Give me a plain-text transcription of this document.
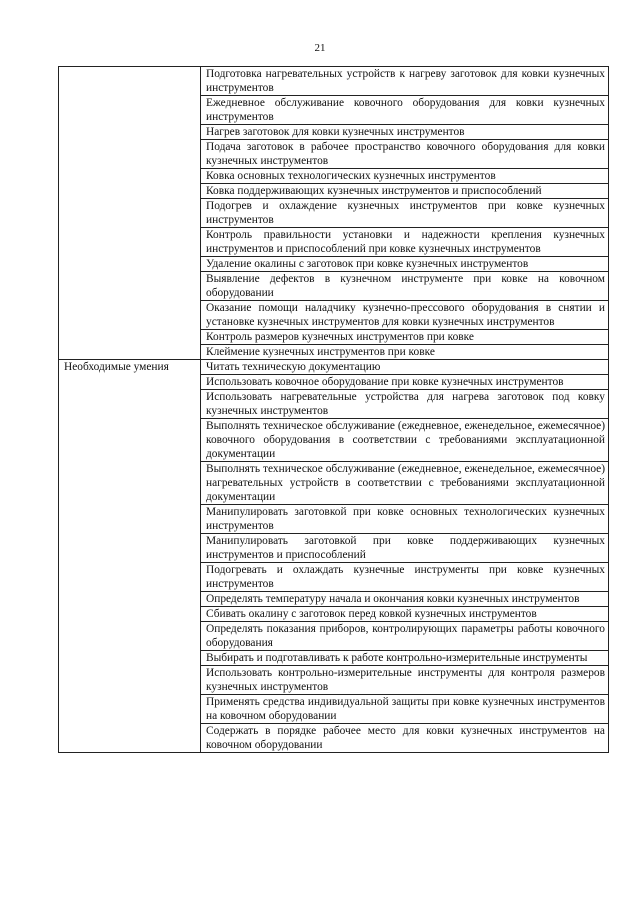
21
	Подготовка нагревательных устройств к нагреву заготовок для ковки кузнечных инструментов
	Ежедневное обслуживание ковочного оборудования для ковки кузнечных инструментов
	Нагрев заготовок для ковки кузнечных инструментов
	Подача заготовок в рабочее пространство ковочного оборудования для ковки кузнечных инструментов
	Ковка основных технологических кузнечных инструментов
	Ковка поддерживающих кузнечных инструментов и приспособлений
	Подогрев и охлаждение кузнечных инструментов при ковке кузнечных инструментов
	Контроль правильности установки и надежности крепления кузнечных инструментов и приспособлений при ковке кузнечных инструментов
	Удаление окалины с заготовок при ковке кузнечных инструментов
	Выявление дефектов в кузнечном инструменте при ковке на ковочном оборудовании
	Оказание помощи наладчику кузнечно-прессового оборудования в снятии и установке кузнечных инструментов для ковки кузнечных инструментов
	Контроль размеров кузнечных инструментов при ковке
	Клеймение кузнечных инструментов при ковке
Необходимые умения	Читать техническую документацию
	Использовать ковочное оборудование при ковке кузнечных инструментов
	Использовать нагревательные устройства для нагрева заготовок под ковку кузнечных инструментов
	Выполнять техническое обслуживание (ежедневное, еженедельное, ежемесячное) ковочного оборудования в соответствии с требованиями эксплуатационной документации
	Выполнять техническое обслуживание (ежедневное, еженедельное, ежемесячное) нагревательных устройств в соответствии с требованиями эксплуатационной документации
	Манипулировать заготовкой при ковке основных технологических кузнечных инструментов
	Манипулировать заготовкой при ковке поддерживающих кузнечных инструментов и приспособлений
	Подогревать и охлаждать кузнечные инструменты при ковке кузнечных инструментов
	Определять температуру начала и окончания ковки кузнечных инструментов
	Сбивать окалину с заготовок перед ковкой кузнечных инструментов
	Определять показания приборов, контролирующих параметры работы ковочного оборудования
	Выбирать и подготавливать к работе контрольно-измерительные инструменты
	Использовать контрольно-измерительные инструменты для контроля размеров кузнечных инструментов
	Применять средства индивидуальной защиты при ковке кузнечных инструментов на ковочном оборудовании
	Содержать в порядке рабочее место для ковки кузнечных инструментов на ковочном оборудовании
